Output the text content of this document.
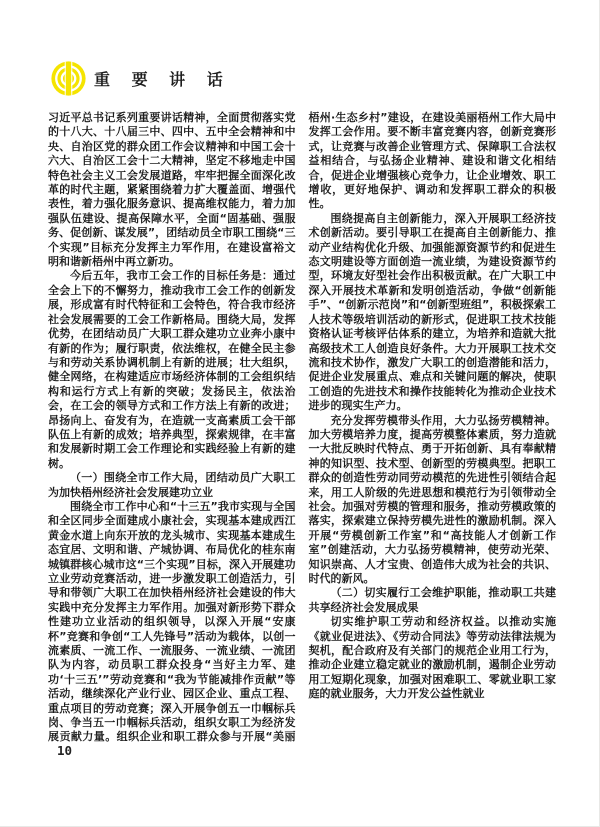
重 要 讲 话

习近平总书记系列重要讲话精神，全面贯彻落实党的十八大、十八届三中、四中、五中全会精神和中央、自治区党的群众团工作会议精神和中国工会十六大、自治区工会十二大精神，坚定不移地走中国特色社会主义工会发展道路，牢牢把握全面深化改革的时代主题，紧紧围绕着力扩大覆盖面、增强代表性，着力强化服务意识、提高维权能力，着力加强队伍建设、提高保障水平，全面“固基础、强服务、促创新、谋发展”，团结动员全市职工围绕“三个实现”目标充分发挥主力军作用，在建设富裕文明和谐新梧州中再立新功。

今后五年，我市工会工作的目标任务是：通过全会上下的不懈努力，推动我市工会工作的创新发展，形成富有时代特征和工会特色，符合我市经济社会发展需要的工会工作新格局。围绕大局，发挥优势，在团结动员广大职工群众建功立业奔小康中有新的作为；履行职责，依法维权，在健全民主参与和劳动关系协调机制上有新的进展；壮大组织，健全网络，在构建适应市场经济体制的工会组织结构和运行方式上有新的突破；发扬民主，依法治会，在工会的领导方式和工作方法上有新的改进；昂扬向上、奋发有为，在造就一支高素质工会干部队伍上有新的成效；培养典型，探索规律，在丰富和发展新时期工会工作理论和实践经验上有新的建树。

（一）围绕全市工作大局，团结动员广大职工为加快梧州经济社会发展建功立业

围绕全市工作中心和“十三五”我市实现与全国和全区同步全面建成小康社会，实现基本建成西江黄金水道上向东开放的龙头城市、实现基本建成生态宜居、文明和谐、产城协调、布局优化的桂东南城镇群核心城市这“三个实现”目标，深入开展建功立业劳动竞赛活动，进一步激发职工创造活力，引导和带领广大职工在加快梧州经济社会建设的伟大实践中充分发挥主力军作用。加强对新形势下群众性建功立业活动的组织领导，以深入开展“安康杯”竞赛和争创“工人先锋号”活动为载体，以创一流素质、一流工作、一流服务、一流业绩、一流团队为内容，动员职工群众投身“当好主力军、建功‘十三五’”劳动竞赛和“我为节能减排作贡献”等活动，继续深化产业行业、园区企业、重点工程、重点项目的劳动竞赛；深入开展争创五一巾帼标兵岗、争当五一巾帼标兵活动，组织女职工为经济发展贡献力量。组织企业和职工群众参与开展“美丽梧州·生态乡村”建设，在建设美丽梧州工作大局中发挥工会作用。要不断丰富竞赛内容，创新竞赛形式，让竞赛与改善企业管理方式、保障职工合法权益相结合，与弘扬企业精神、建设和谐文化相结合，促进企业增强核心竞争力，让企业增效、职工增收，更好地保护、调动和发挥职工群众的积极性。

围绕提高自主创新能力，深入开展职工经济技术创新活动。要引导职工在提高自主创新能力、推动产业结构优化升级、加强能源资源节约和促进生态文明建设等方面创造一流业绩，为建设资源节约型，环境友好型社会作出积极贡献。在广大职工中深入开展技术革新和发明创造活动，争做“创新能手”、“创新示范岗”和“创新型班组”，积极探索工人技术等级培训活动的新形式，促进职工技术技能资格认证考核评估体系的建立，为培养和造就大批高级技术工人创造良好条件。大力开展职工技术交流和技术协作，激发广大职工的创造潜能和活力，促进企业发展重点、难点和关键问题的解决，使职工创造的先进技术和操作技能转化为推动企业技术进步的现实生产力。

充分发挥劳模带头作用，大力弘扬劳模精神。加大劳模培养力度，提高劳模整体素质，努力造就一大批反映时代特点、勇于开拓创新、具有奉献精神的知识型、技术型、创新型的劳模典型。把职工群众的创造性劳动同劳动模范的先进性引领结合起来，用工人阶级的先进思想和模范行为引领带动全社会。加强对劳模的管理和服务，推动劳模政策的落实，探索建立保持劳模先进性的激励机制。深入开展“劳模创新工作室”和“高技能人才创新工作室”创建活动，大力弘扬劳模精神，使劳动光荣、知识崇高、人才宝贵、创造伟大成为社会的共识、时代的新风。

（二）切实履行工会维护职能，推动职工共建共享经济社会发展成果

切实维护职工劳动和经济权益。以推动实施《就业促进法》、《劳动合同法》等劳动法律法规为契机，配合政府及有关部门的规范企业用工行为，推动企业建立稳定就业的激励机制，遏制企业劳动用工短期化现象，加强对困难职工、零就业职工家庭的就业服务，大力开发公益性就业

10
